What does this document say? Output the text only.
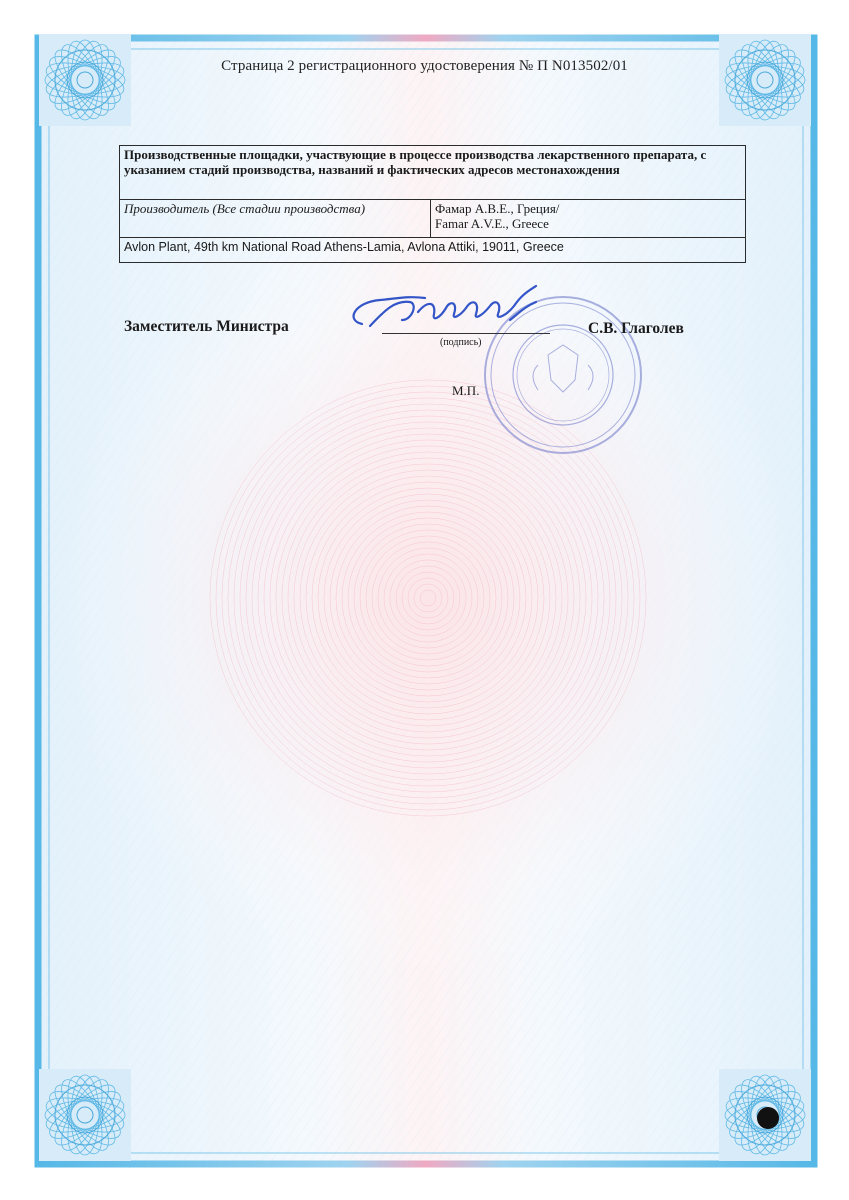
Страница 2 регистрационного удостоверения № П N013502/01
Производственные площадки, участвующие в процессе производства лекарственного препарата, с указанием стадий производства, названий и фактических адресов местонахождения
Производитель (Все стадии производства)	Фамар А.В.Е., Греция/
Famar A.V.E., Greece

Avlon Plant, 49th km National Road Athens-Lamia, Avlona Attiki, 19011, Greece
Заместитель Министра	С.В. Глаголев
(подпись)
М.П.
